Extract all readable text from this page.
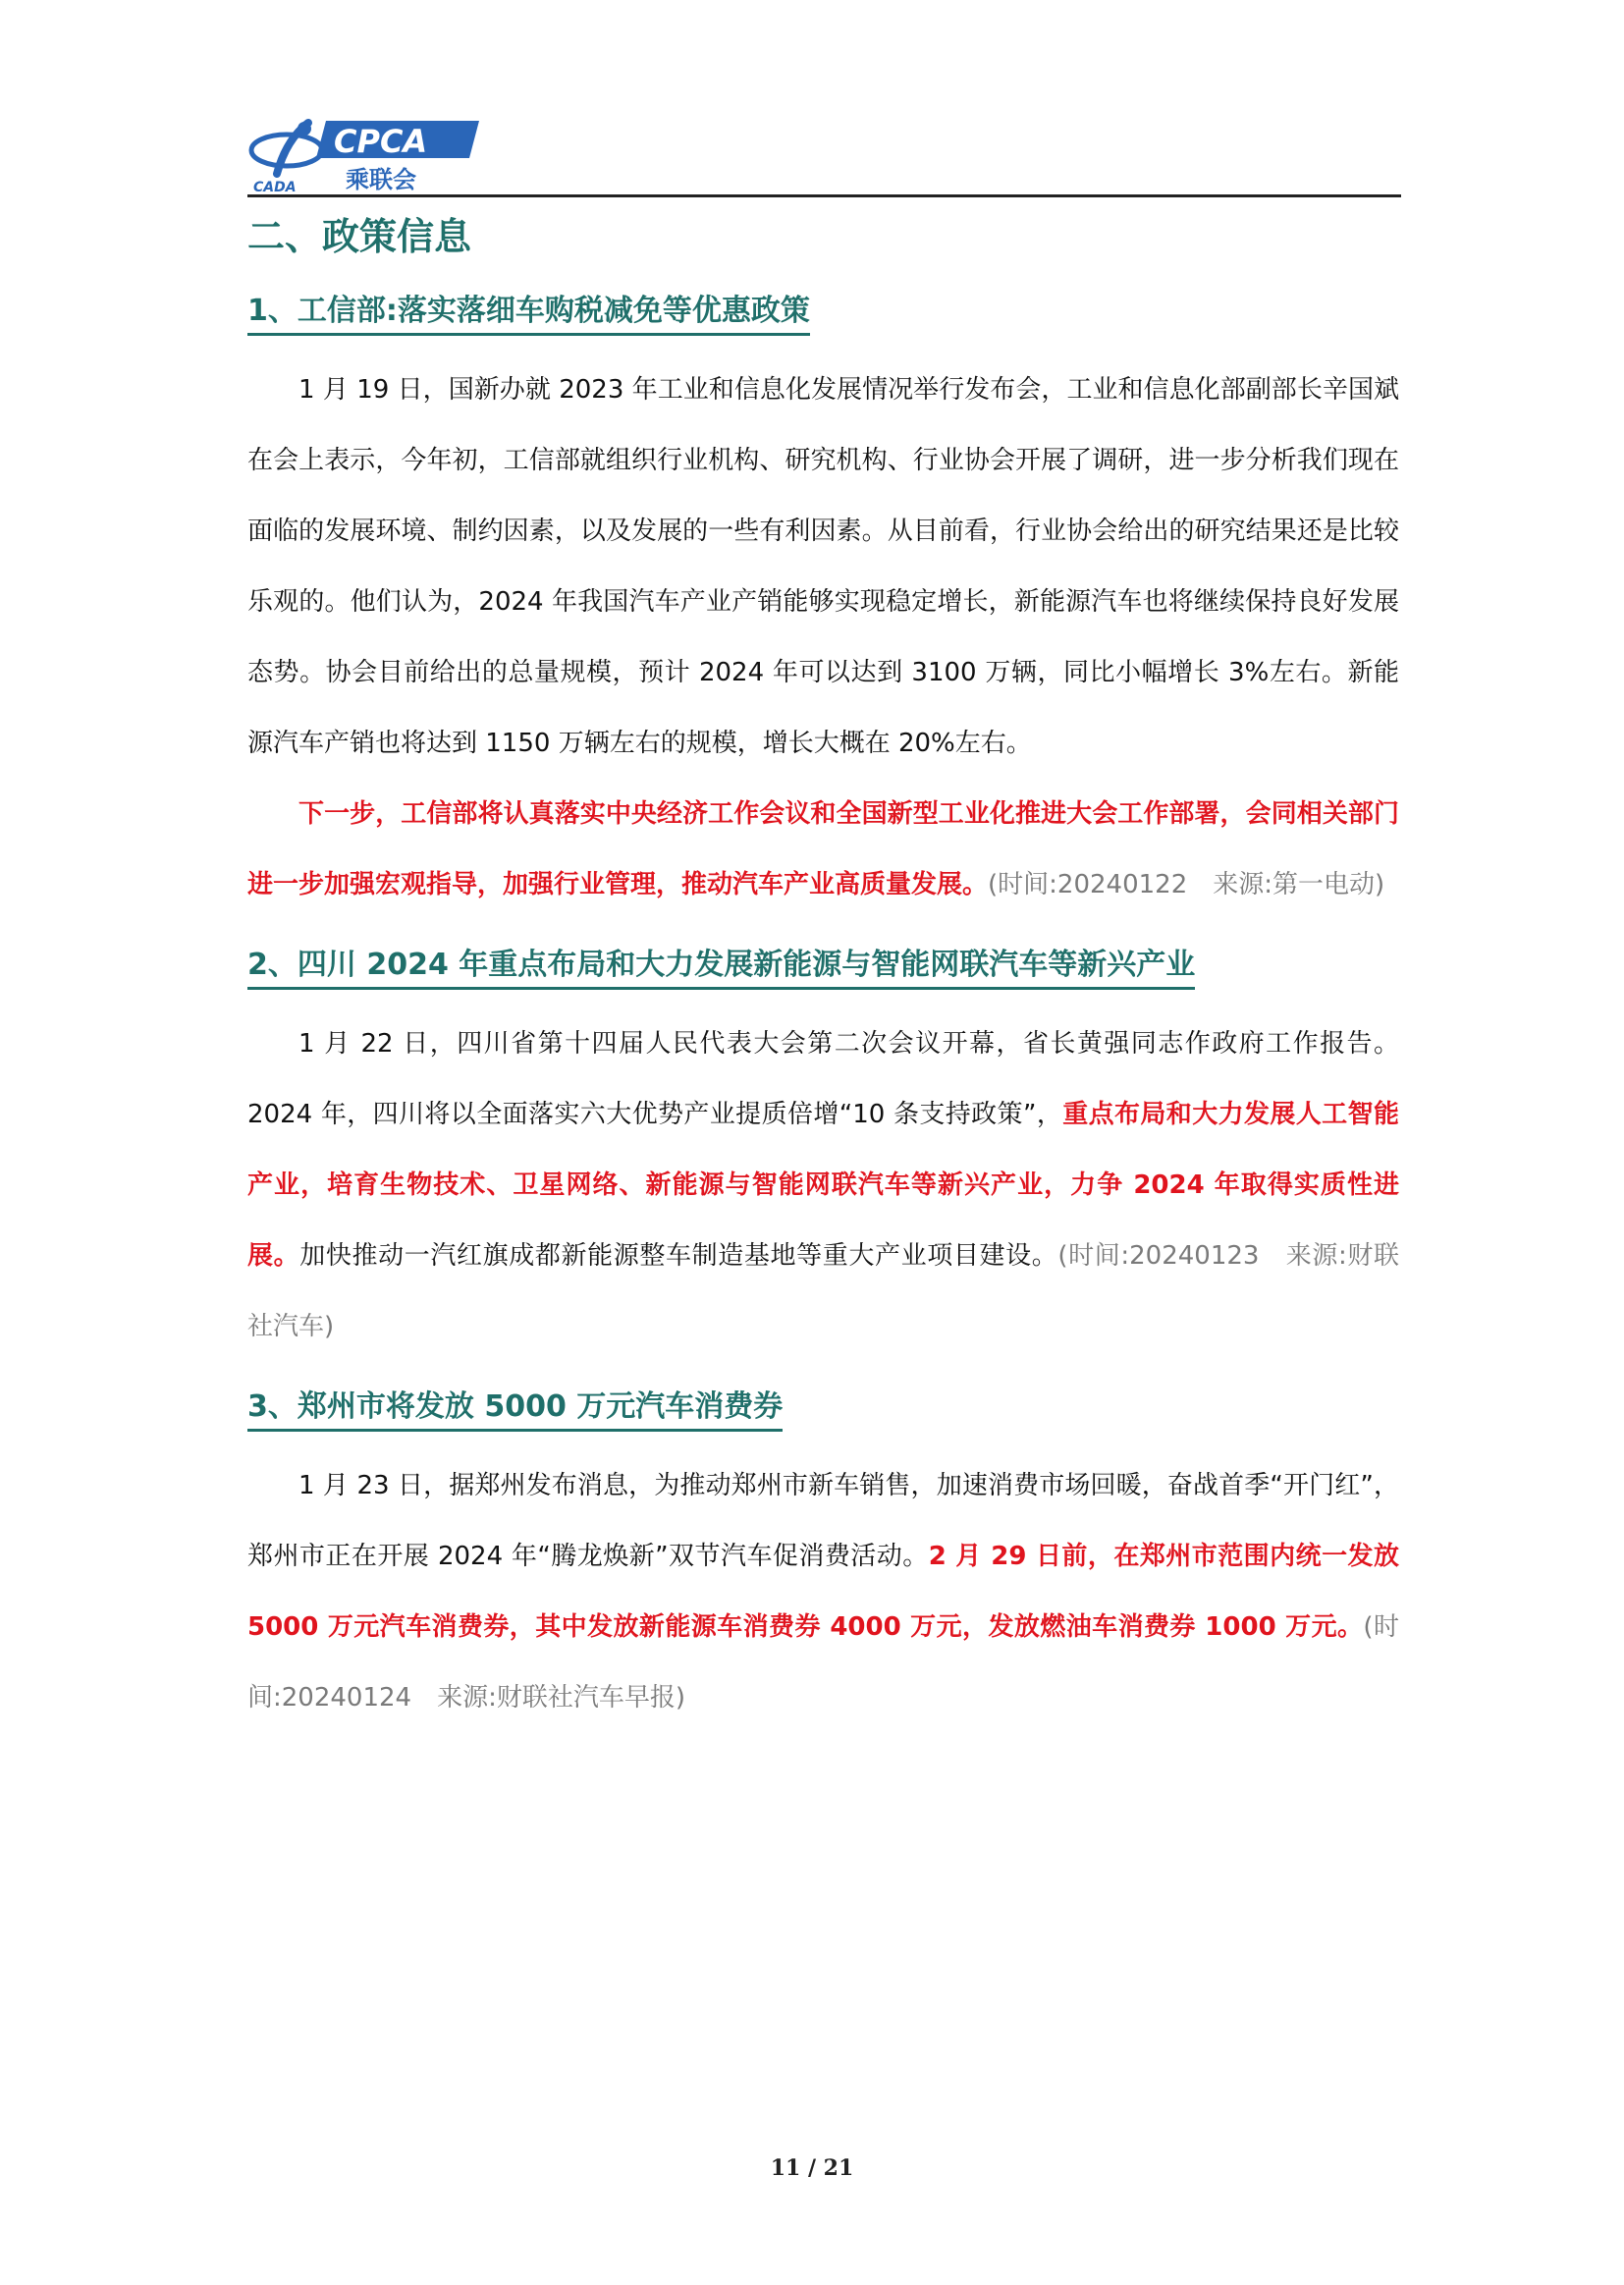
CADA
CPCA
乘联会
二、政策信息
1、工信部:落实落细车购税减免等优惠政策

1 月 19 日，国新办就 2023 年工业和信息化发展情况举行发布会，工业和信息化部副部长辛国斌在会上表示，今年初，工信部就组织行业机构、研究机构、行业协会开展了调研，进一步分析我们现在面临的发展环境、制约因素，以及发展的一些有利因素。从目前看，行业协会给出的研究结果还是比较乐观的。他们认为，2024 年我国汽车产业产销能够实现稳定增长，新能源汽车也将继续保持良好发展态势。协会目前给出的总量规模，预计 2024 年可以达到 3100 万辆，同比小幅增长 3%左右。新能源汽车产销也将达到 1150 万辆左右的规模，增长大概在 20%左右。

下一步，工信部将认真落实中央经济工作会议和全国新型工业化推进大会工作部署，会同相关部门进一步加强宏观指导，加强行业管理，推动汽车产业高质量发展。(时间:20240122　来源:第一电动)

2、四川 2024 年重点布局和大力发展新能源与智能网联汽车等新兴产业

1 月 22 日，四川省第十四届人民代表大会第二次会议开幕，省长黄强同志作政府工作报告。2024 年，四川将以全面落实六大优势产业提质倍增“10 条支持政策”，重点布局和大力发展人工智能产业，培育生物技术、卫星网络、新能源与智能网联汽车等新兴产业，力争 2024 年取得实质性进展。加快推动一汽红旗成都新能源整车制造基地等重大产业项目建设。(时间:20240123　来源:财联社汽车)

3、郑州市将发放 5000 万元汽车消费券

1 月 23 日，据郑州发布消息，为推动郑州市新车销售，加速消费市场回暖，奋战首季“开门红”，郑州市正在开展 2024 年“腾龙焕新”双节汽车促消费活动。2 月 29 日前，在郑州市范围内统一发放 5000 万元汽车消费券，其中发放新能源车消费券 4000 万元，发放燃油车消费券 1000 万元。(时间:20240124　来源:财联社汽车早报)

11 / 21
